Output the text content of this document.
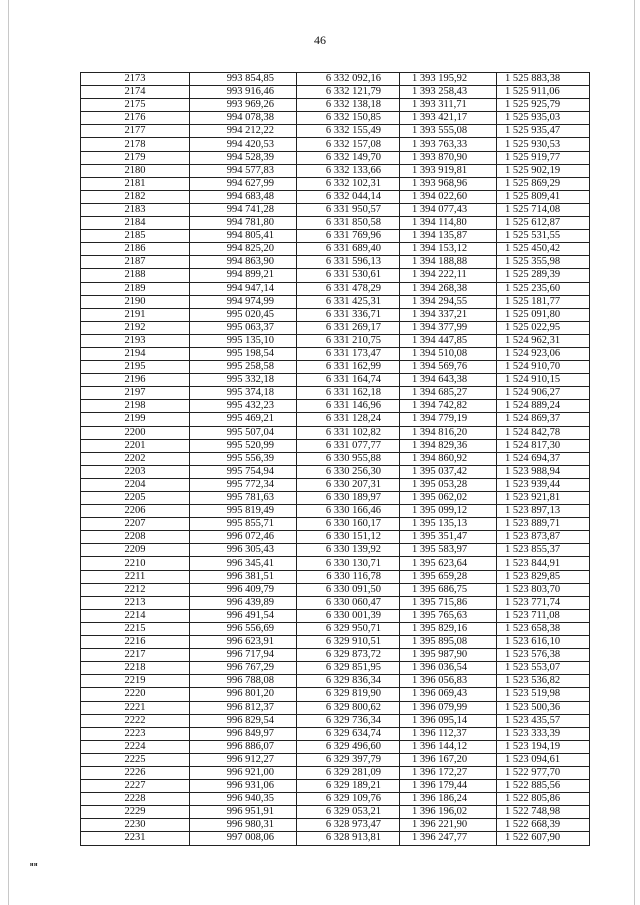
46
2173	993 854,85	6 332 092,16	1 393 195,92	1 525 883,38
2174	993 916,46	6 332 121,79	1 393 258,43	1 525 911,06
2175	993 969,26	6 332 138,18	1 393 311,71	1 525 925,79
2176	994 078,38	6 332 150,85	1 393 421,17	1 525 935,03
2177	994 212,22	6 332 155,49	1 393 555,08	1 525 935,47
2178	994 420,53	6 332 157,08	1 393 763,33	1 525 930,53
2179	994 528,39	6 332 149,70	1 393 870,90	1 525 919,77
2180	994 577,83	6 332 133,66	1 393 919,81	1 525 902,19
2181	994 627,99	6 332 102,31	1 393 968,96	1 525 869,29
2182	994 683,48	6 332 044,14	1 394 022,60	1 525 809,41
2183	994 741,28	6 331 950,57	1 394 077,43	1 525 714,08
2184	994 781,80	6 331 850,58	1 394 114,80	1 525 612,87
2185	994 805,41	6 331 769,96	1 394 135,87	1 525 531,55
2186	994 825,20	6 331 689,40	1 394 153,12	1 525 450,42
2187	994 863,90	6 331 596,13	1 394 188,88	1 525 355,98
2188	994 899,21	6 331 530,61	1 394 222,11	1 525 289,39
2189	994 947,14	6 331 478,29	1 394 268,38	1 525 235,60
2190	994 974,99	6 331 425,31	1 394 294,55	1 525 181,77
2191	995 020,45	6 331 336,71	1 394 337,21	1 525 091,80
2192	995 063,37	6 331 269,17	1 394 377,99	1 525 022,95
2193	995 135,10	6 331 210,75	1 394 447,85	1 524 962,31
2194	995 198,54	6 331 173,47	1 394 510,08	1 524 923,06
2195	995 258,58	6 331 162,99	1 394 569,76	1 524 910,70
2196	995 332,18	6 331 164,74	1 394 643,38	1 524 910,15
2197	995 374,18	6 331 162,18	1 394 685,27	1 524 906,27
2198	995 432,23	6 331 146,96	1 394 742,82	1 524 889,24
2199	995 469,21	6 331 128,24	1 394 779,19	1 524 869,37
2200	995 507,04	6 331 102,82	1 394 816,20	1 524 842,78
2201	995 520,99	6 331 077,77	1 394 829,36	1 524 817,30
2202	995 556,39	6 330 955,88	1 394 860,92	1 524 694,37
2203	995 754,94	6 330 256,30	1 395 037,42	1 523 988,94
2204	995 772,34	6 330 207,31	1 395 053,28	1 523 939,44
2205	995 781,63	6 330 189,97	1 395 062,02	1 523 921,81
2206	995 819,49	6 330 166,46	1 395 099,12	1 523 897,13
2207	995 855,71	6 330 160,17	1 395 135,13	1 523 889,71
2208	996 072,46	6 330 151,12	1 395 351,47	1 523 873,87
2209	996 305,43	6 330 139,92	1 395 583,97	1 523 855,37
2210	996 345,41	6 330 130,71	1 395 623,64	1 523 844,91
2211	996 381,51	6 330 116,78	1 395 659,28	1 523 829,85
2212	996 409,79	6 330 091,50	1 395 686,75	1 523 803,70
2213	996 439,89	6 330 060,47	1 395 715,86	1 523 771,74
2214	996 491,54	6 330 001,39	1 395 765,63	1 523 711,08
2215	996 556,69	6 329 950,71	1 395 829,16	1 523 658,38
2216	996 623,91	6 329 910,51	1 395 895,08	1 523 616,10
2217	996 717,94	6 329 873,72	1 395 987,90	1 523 576,38
2218	996 767,29	6 329 851,95	1 396 036,54	1 523 553,07
2219	996 788,08	6 329 836,34	1 396 056,83	1 523 536,82
2220	996 801,20	6 329 819,90	1 396 069,43	1 523 519,98
2221	996 812,37	6 329 800,62	1 396 079,99	1 523 500,36
2222	996 829,54	6 329 736,34	1 396 095,14	1 523 435,57
2223	996 849,97	6 329 634,74	1 396 112,37	1 523 333,39
2224	996 886,07	6 329 496,60	1 396 144,12	1 523 194,19
2225	996 912,27	6 329 397,79	1 396 167,20	1 523 094,61
2226	996 921,00	6 329 281,09	1 396 172,27	1 522 977,70
2227	996 931,06	6 329 189,21	1 396 179,44	1 522 885,56
2228	996 940,35	6 329 109,76	1 396 186,24	1 522 805,86
2229	996 951,91	6 329 053,21	1 396 196,02	1 522 748,98
2230	996 980,31	6 328 973,47	1 396 221,90	1 522 668,39
2231	997 008,06	6 328 913,81	1 396 247,77	1 522 607,90
нн
